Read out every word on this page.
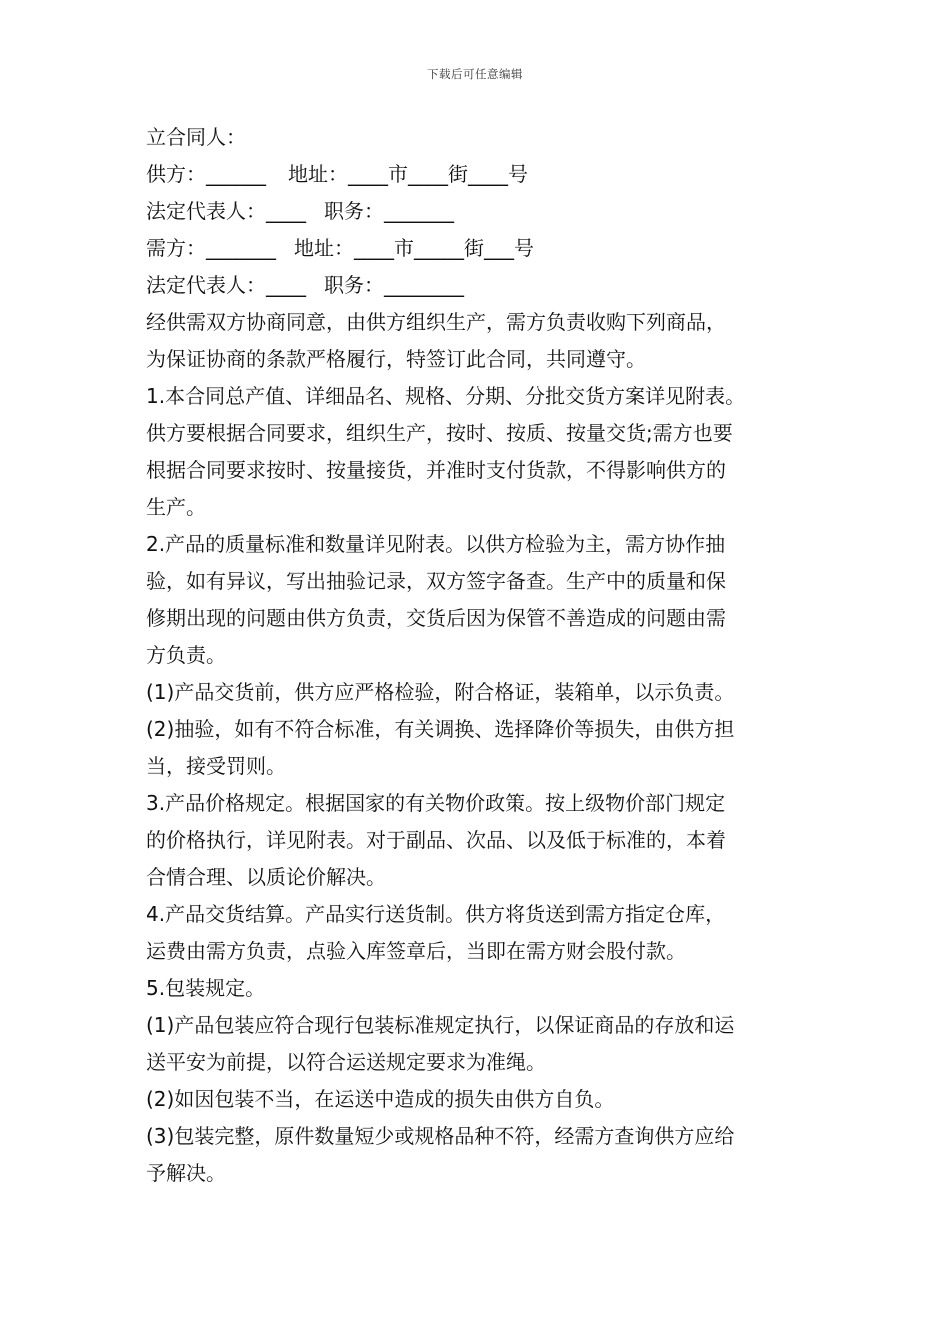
下载后可任意编辑
立合同人：
供方：______ 地址：____市____街____号
法定代表人：____ 职务：_______
需方：_______ 地址：____市_____街___号
法定代表人：____ 职务：________
经供需双方协商同意，由供方组织生产，需方负责收购下列商品，
为保证协商的条款严格履行，特签订此合同，共同遵守。
1.本合同总产值、详细品名、规格、分期、分批交货方案详见附表。
供方要根据合同要求，组织生产，按时、按质、按量交货;需方也要
根据合同要求按时、按量接货，并准时支付货款，不得影响供方的
生产。
2.产品的质量标准和数量详见附表。以供方检验为主，需方协作抽
验，如有异议，写出抽验记录，双方签字备查。生产中的质量和保
修期出现的问题由供方负责，交货后因为保管不善造成的问题由需
方负责。
(1)产品交货前，供方应严格检验，附合格证，装箱单，以示负责。
(2)抽验，如有不符合标准，有关调换、选择降价等损失，由供方担
当，接受罚则。
3.产品价格规定。根据国家的有关物价政策。按上级物价部门规定
的价格执行，详见附表。对于副品、次品、以及低于标准的，本着
合情合理、以质论价解决。
4.产品交货结算。产品实行送货制。供方将货送到需方指定仓库，
运费由需方负责，点验入库签章后，当即在需方财会股付款。
5.包装规定。
(1)产品包装应符合现行包装标准规定执行，以保证商品的存放和运
送平安为前提，以符合运送规定要求为准绳。
(2)如因包装不当，在运送中造成的损失由供方自负。
(3)包装完整，原件数量短少或规格品种不符，经需方查询供方应给
予解决。
